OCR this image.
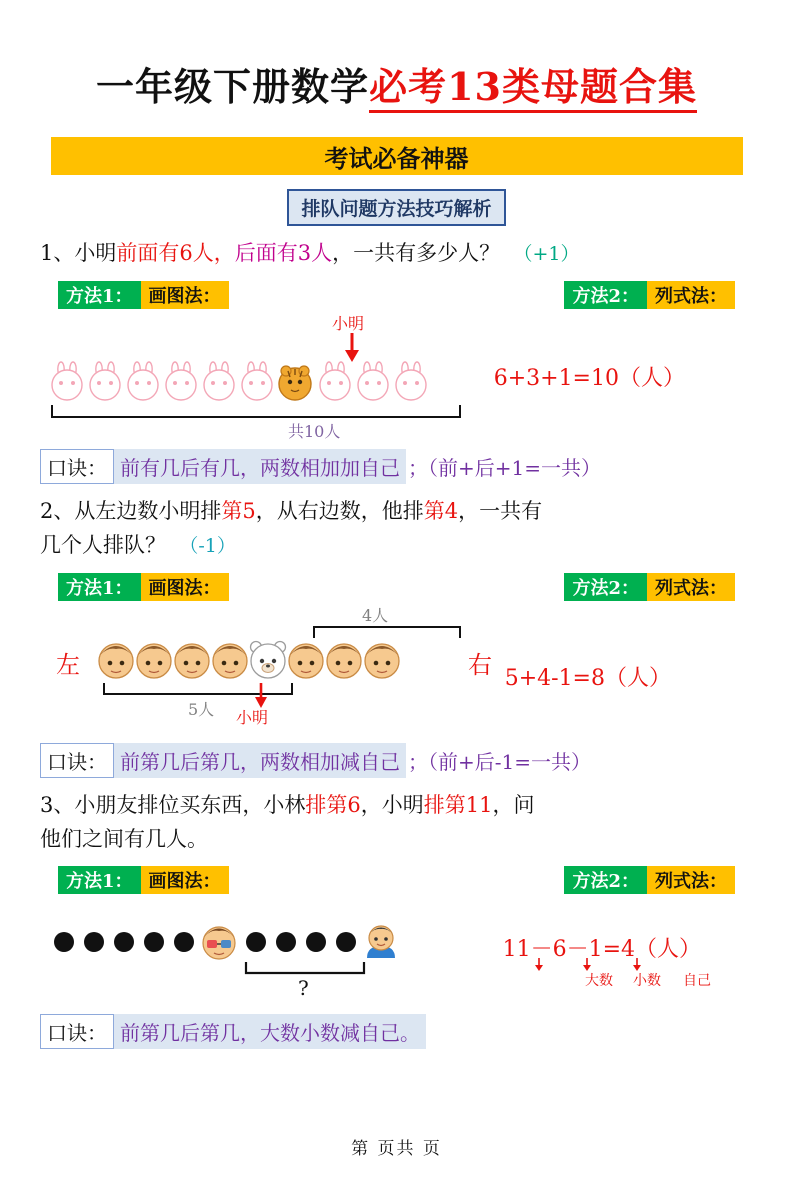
一年级下册数学必考13类母题合集
考试必备神器
排队问题方法技巧解析
1、小明前面有6人，后面有3人，一共有多少人？ （+1）
方法1： 画图法：	方法2： 列式法：
小明
共10人
6+3+1=10（人）
口诀： 前有几后有几，两数相加加自己 ；（前+后+1=一共）
2、从左边数小明排第5，从右边数，他排第4，一共有
几个人排队？ （-1）
方法1： 画图法：	方法2： 列式法：
4人
左	右
5人 小明
5+4-1=8（人）
口诀： 前第几后第几，两数相加减自己 ；（前+后-1=一共）
3、小朋友排位买东西，小林排第6，小明排第11，问
他们之间有几人。
方法1： 画图法：	方法2： 列式法：
?
11－6－1=4（人）
大数 小数 自己
口诀： 前第几后第几，大数小数减自己。
第 页共 页
